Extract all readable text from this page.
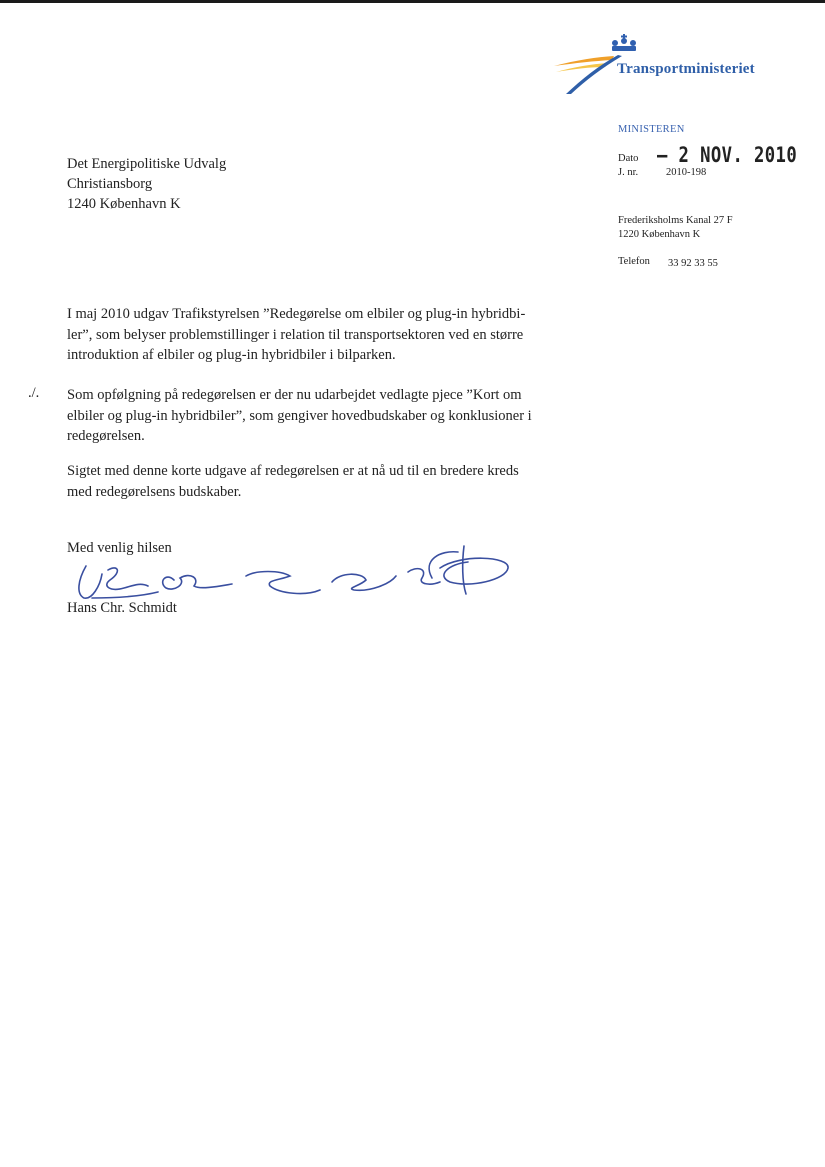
Transportministeriet
MINISTEREN
Dato – 2 NOV. 2010
J. nr.	2010-198
Frederiksholms Kanal 27 F
1220 København K
Telefon 33 92 33 55
Det Energipolitiske Udvalg
Christiansborg
1240 København K
I maj 2010 udgav Trafikstyrelsen ”Redegørelse om elbiler og plug-in hybridbi-
ler”, som belyser problemstillinger i relation til transportsektoren ved en større
introduktion af elbiler og plug-in hybridbiler i bilparken.
./. Som opfølgning på redegørelsen er der nu udarbejdet vedlagte pjece ”Kort om
elbiler og plug-in hybridbiler”, som gengiver hovedbudskaber og konklusioner i
redegørelsen.
Sigtet med denne korte udgave af redegørelsen er at nå ud til en bredere kreds
med redegørelsens budskaber.
Med venlig hilsen
Hans Chr. Schmidt
